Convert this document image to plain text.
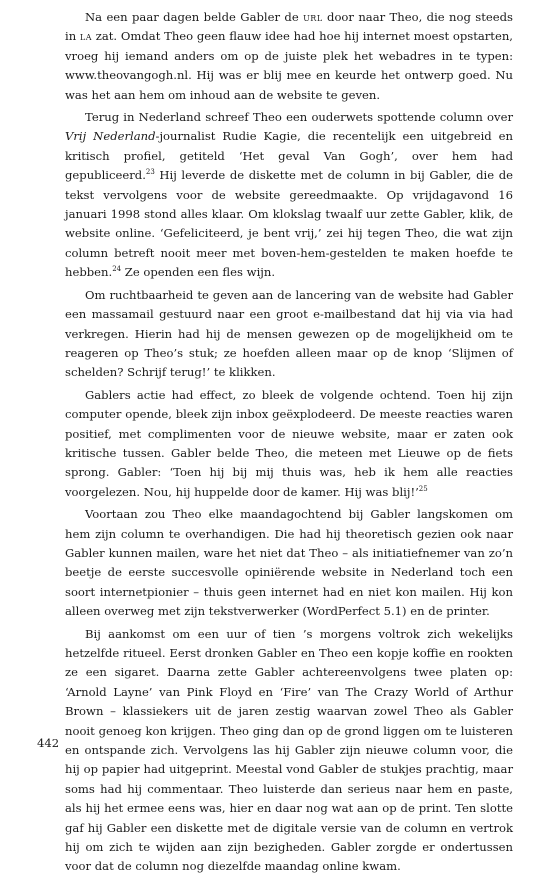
Na een paar dagen belde Gabler de url door naar Theo, die nog steeds in la zat. Omdat Theo geen flauw idee had hoe hij internet moest opstarten, vroeg hij iemand anders om op de juiste plek het webadres in te typen: www.theovangogh.nl. Hij was er blij mee en keurde het ontwerp goed. Nu was het aan hem om inhoud aan de website te geven.

Terug in Nederland schreef Theo een ouderwets spottende column over Vrij Nederland-journalist Rudie Kagie, die recentelijk een uitgebreid en kritisch profiel, getiteld ‘Het geval Van Gogh’, over hem had gepubliceerd.$^{23}$ Hij leverde de diskette met de column in bij Gabler, die de tekst vervolgens voor de website gereedmaakte. Op vrijdagavond 16 januari 1998 stond alles klaar. Om klokslag twaalf uur zette Gabler, klik, de website online. ‘Gefeliciteerd, je bent vrij,’ zei hij tegen Theo, die wat zijn column betreft nooit meer met boven-hem-gestelden te maken hoefde te hebben.$^{24}$ Ze openden een fles wijn.

Om ruchtbaarheid te geven aan de lancering van de website had Gabler een massamail gestuurd naar een groot e-mailbestand dat hij via via had verkregen. Hierin had hij de mensen gewezen op de mogelijkheid om te reageren op Theo’s stuk; ze hoefden alleen maar op de knop ‘Slijmen of schelden? Schrijf terug!’ te klikken.

Gablers actie had effect, zo bleek de volgende ochtend. Toen hij zijn computer opende, bleek zijn inbox geëxplodeerd. De meeste reacties waren positief, met complimenten voor de nieuwe website, maar er zaten ook kritische tussen. Gabler belde Theo, die meteen met Lieuwe op de fiets sprong. Gabler: ‘Toen hij bij mij thuis was, heb ik hem alle reacties voorgelezen. Nou, hij huppelde door de kamer. Hij was blij!’$^{25}$

Voortaan zou Theo elke maandagochtend bij Gabler langskomen om hem zijn column te overhandigen. Die had hij theoretisch gezien ook naar Gabler kunnen mailen, ware het niet dat Theo – als initiatiefnemer van zo’n beetje de eerste succesvolle opiniërende website in Nederland toch een soort internetpionier – thuis geen internet had en niet kon mailen. Hij kon alleen overweg met zijn tekstverwerker (WordPerfect 5.1) en de printer.

Bij aankomst om een uur of tien ’s morgens voltrok zich wekelijks hetzelfde ritueel. Eerst dronken Gabler en Theo een kopje koffie en rookten ze een sigaret. Daarna zette Gabler achtereenvolgens twee platen op: ‘Arnold Layne’ van Pink Floyd en ‘Fire’ van The Crazy World of Arthur Brown – klassiekers uit de jaren zestig waarvan zowel Theo als Gabler nooit genoeg kon krijgen. Theo ging dan op de grond liggen om te luisteren en ontspande zich. Vervolgens las hij Gabler zijn nieuwe column voor, die hij op papier had uitgeprint. Meestal vond Gabler de stukjes prachtig, maar soms had hij commentaar. Theo luisterde dan serieus naar hem en paste, als hij het ermee eens was, hier en daar nog wat aan op de print. Ten slotte gaf hij Gabler een diskette met de digitale versie van de column en vertrok hij om zich te wijden aan zijn bezigheden. Gabler zorgde er ondertussen voor dat de column nog diezelfde maandag online kwam.

442
